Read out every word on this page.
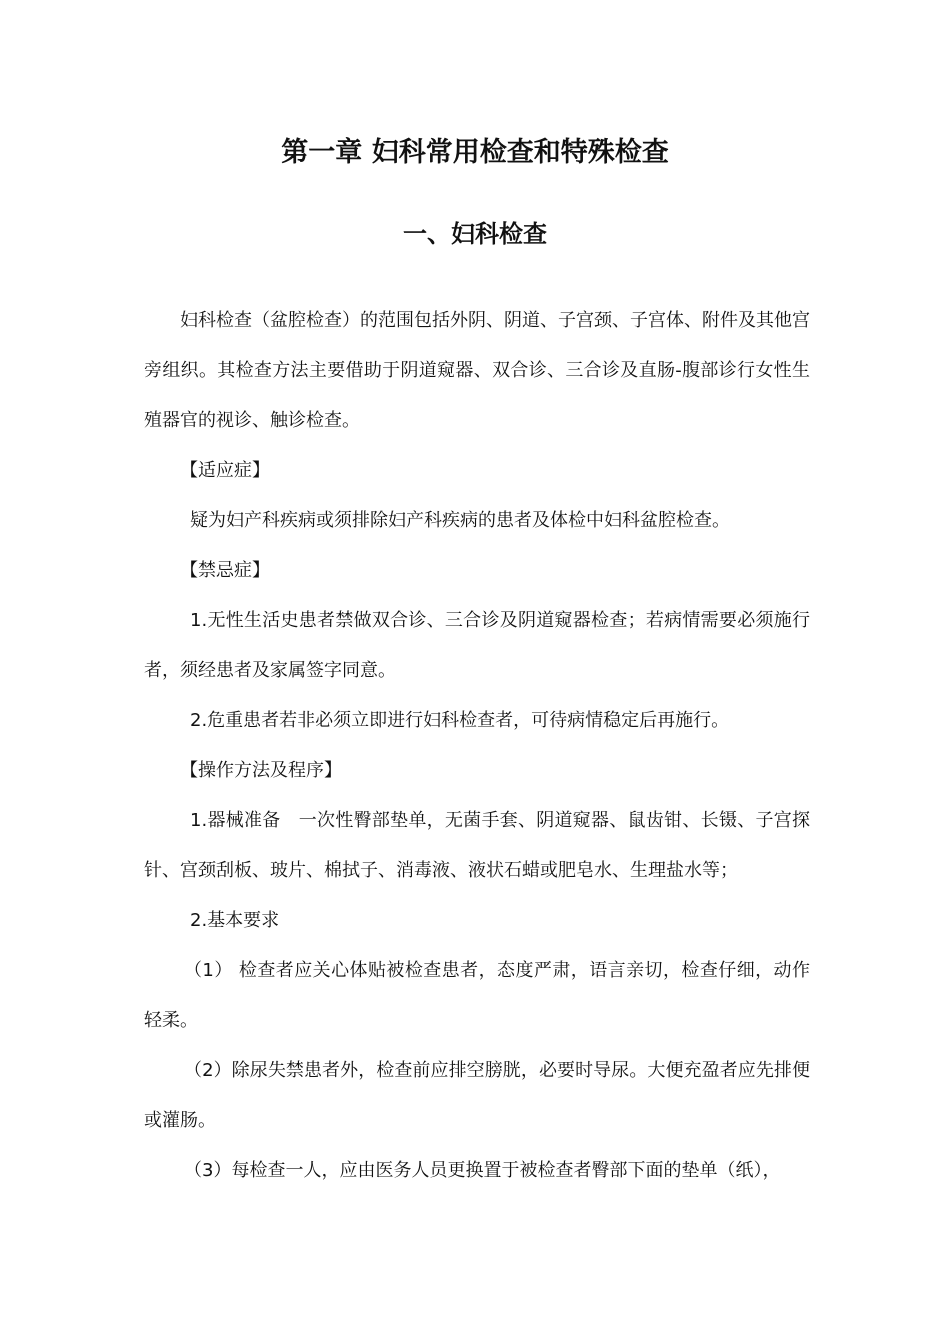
第一章 妇科常用检查和特殊检查
一、妇科检查

妇科检查（盆腔检查）的范围包括外阴、阴道、子宫颈、子宫体、附件及其他宫旁组织。其检查方法主要借助于阴道窥器、双合诊、三合诊及直肠-腹部诊行女性生殖器官的视诊、触诊检查。

【适应症】

疑为妇产科疾病或须排除妇产科疾病的患者及体检中妇科盆腔检查。

【禁忌症】

1.无性生活史患者禁做双合诊、三合诊及阴道窥器检查；若病情需要必须施行者，须经患者及家属签字同意。

2.危重患者若非必须立即进行妇科检查者，可待病情稳定后再施行。

【操作方法及程序】

1.器械准备　一次性臀部垫单，无菌手套、阴道窥器、鼠齿钳、长镊、子宫探针、宫颈刮板、玻片、棉拭子、消毒液、液状石蜡或肥皂水、生理盐水等；

2.基本要求

（1） 检查者应关心体贴被检查患者，态度严肃，语言亲切，检查仔细，动作轻柔。

（2）除尿失禁患者外，检查前应排空膀胱，必要时导尿。大便充盈者应先排便或灌肠。

（3）每检查一人，应由医务人员更换置于被检查者臀部下面的垫单（纸），
